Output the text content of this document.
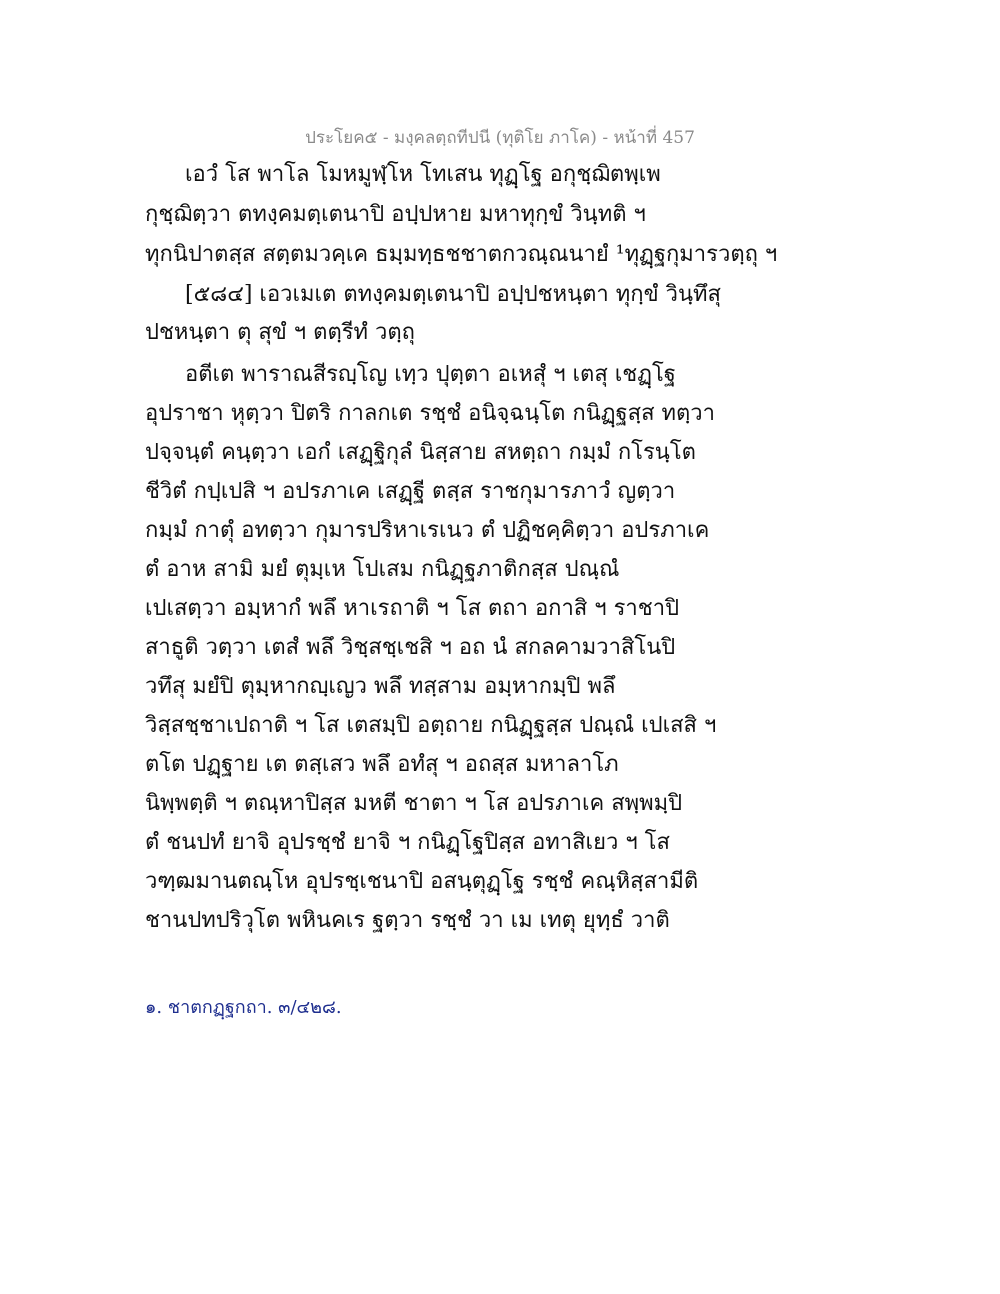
ประโยค๕ - มงฺคลตฺถทีปนี (ทุติโย ภาโค) - หน้าที่ 457
เอวํ โส พาโล โมหมูฬฺโห โทเสน ทุฏฺโฐ อกุชฺฌิตพฺเพ
กุชฺฌิตฺวา ตทงฺคมตฺเตนาปิ อปฺปหาย มหาทุกฺขํ วินฺทติ ฯ
ทุกนิปาตสฺส สตฺตมวคฺเค ธมฺมทฺธชชาตกวณฺณนายํ ¹ทุฏฺฐกุมารวตฺถุ ฯ
[๕๘๔] เอวเมเต ตทงฺคมตฺเตนาปิ อปฺปชหนฺตา ทุกฺขํ วินฺทึสุ
ปชหนฺตา ตุ สุขํ ฯ ตตฺรีทํ วตฺถุ
อตีเต พาราณสีรญฺโญ เทฺว ปุตฺตา อเหสุํ ฯ เตสุ เชฏฺโฐ
อุปราชา หุตฺวา ปิตริ กาลกเต รชฺชํ อนิจฺฉนฺโต กนิฏฺฐสฺส ทตฺวา
ปจฺจนฺตํ คนฺตฺวา เอกํ เสฏฺฐิกุลํ นิสฺสาย สหตฺถา กมฺมํ กโรนฺโต
ชีวิตํ กปฺเปสิ ฯ อปรภาเค เสฏฺฐี ตสฺส ราชกุมารภาวํ ญตฺวา
กมฺมํ กาตุํ อทตฺวา กุมารปริหาเรเนว ตํ ปฏิชคฺคิตฺวา อปรภาเค
ตํ อาห สามิ มยํ ตุมฺเห โปเสม กนิฏฺฐภาติกสฺส ปณฺณํ
เปเสตฺวา อมฺหากํ พลึ หาเรถาติ ฯ โส ตถา อกาสิ ฯ ราชาปิ
สาธูติ วตฺวา เตสํ พลึ วิชฺสชฺเชสิ ฯ อถ นํ สกลคามวาสิโนปิ
วทึสุ มยํปิ ตุมฺหากญฺเญว พลึ ทสฺสาม อมฺหากมฺปิ พลึ
วิสฺสชฺชาเปถาติ ฯ โส เตสมฺปิ อตฺถาย กนิฏฺฐสฺส ปณฺณํ เปเสสิ ฯ
ตโต ปฏฺฐาย เต ตสฺเสว พลึ อทํสุ ฯ อถสฺส มหาลาโภ
นิพฺพตฺติ ฯ ตณฺหาปิสฺส มหตี ชาตา ฯ โส อปรภาเค สพฺพมฺปิ
ตํ ชนปทํ ยาจิ อุปรชฺชํ ยาจิ ฯ กนิฏฺโฐปิสฺส อทาสิเยว ฯ โส
วฑฺฒมานตณฺโห อุปรชฺเชนาปิ อสนฺตุฏฺโฐ รชฺชํ คณฺหิสฺสามีติ
ชานปทปริวุโต พหินคเร ฐตฺวา รชฺชํ วา เม เทตุ ยุทฺธํ วาติ
๑. ชาตกฏฺฐกถา. ๓/๔๒๘.
